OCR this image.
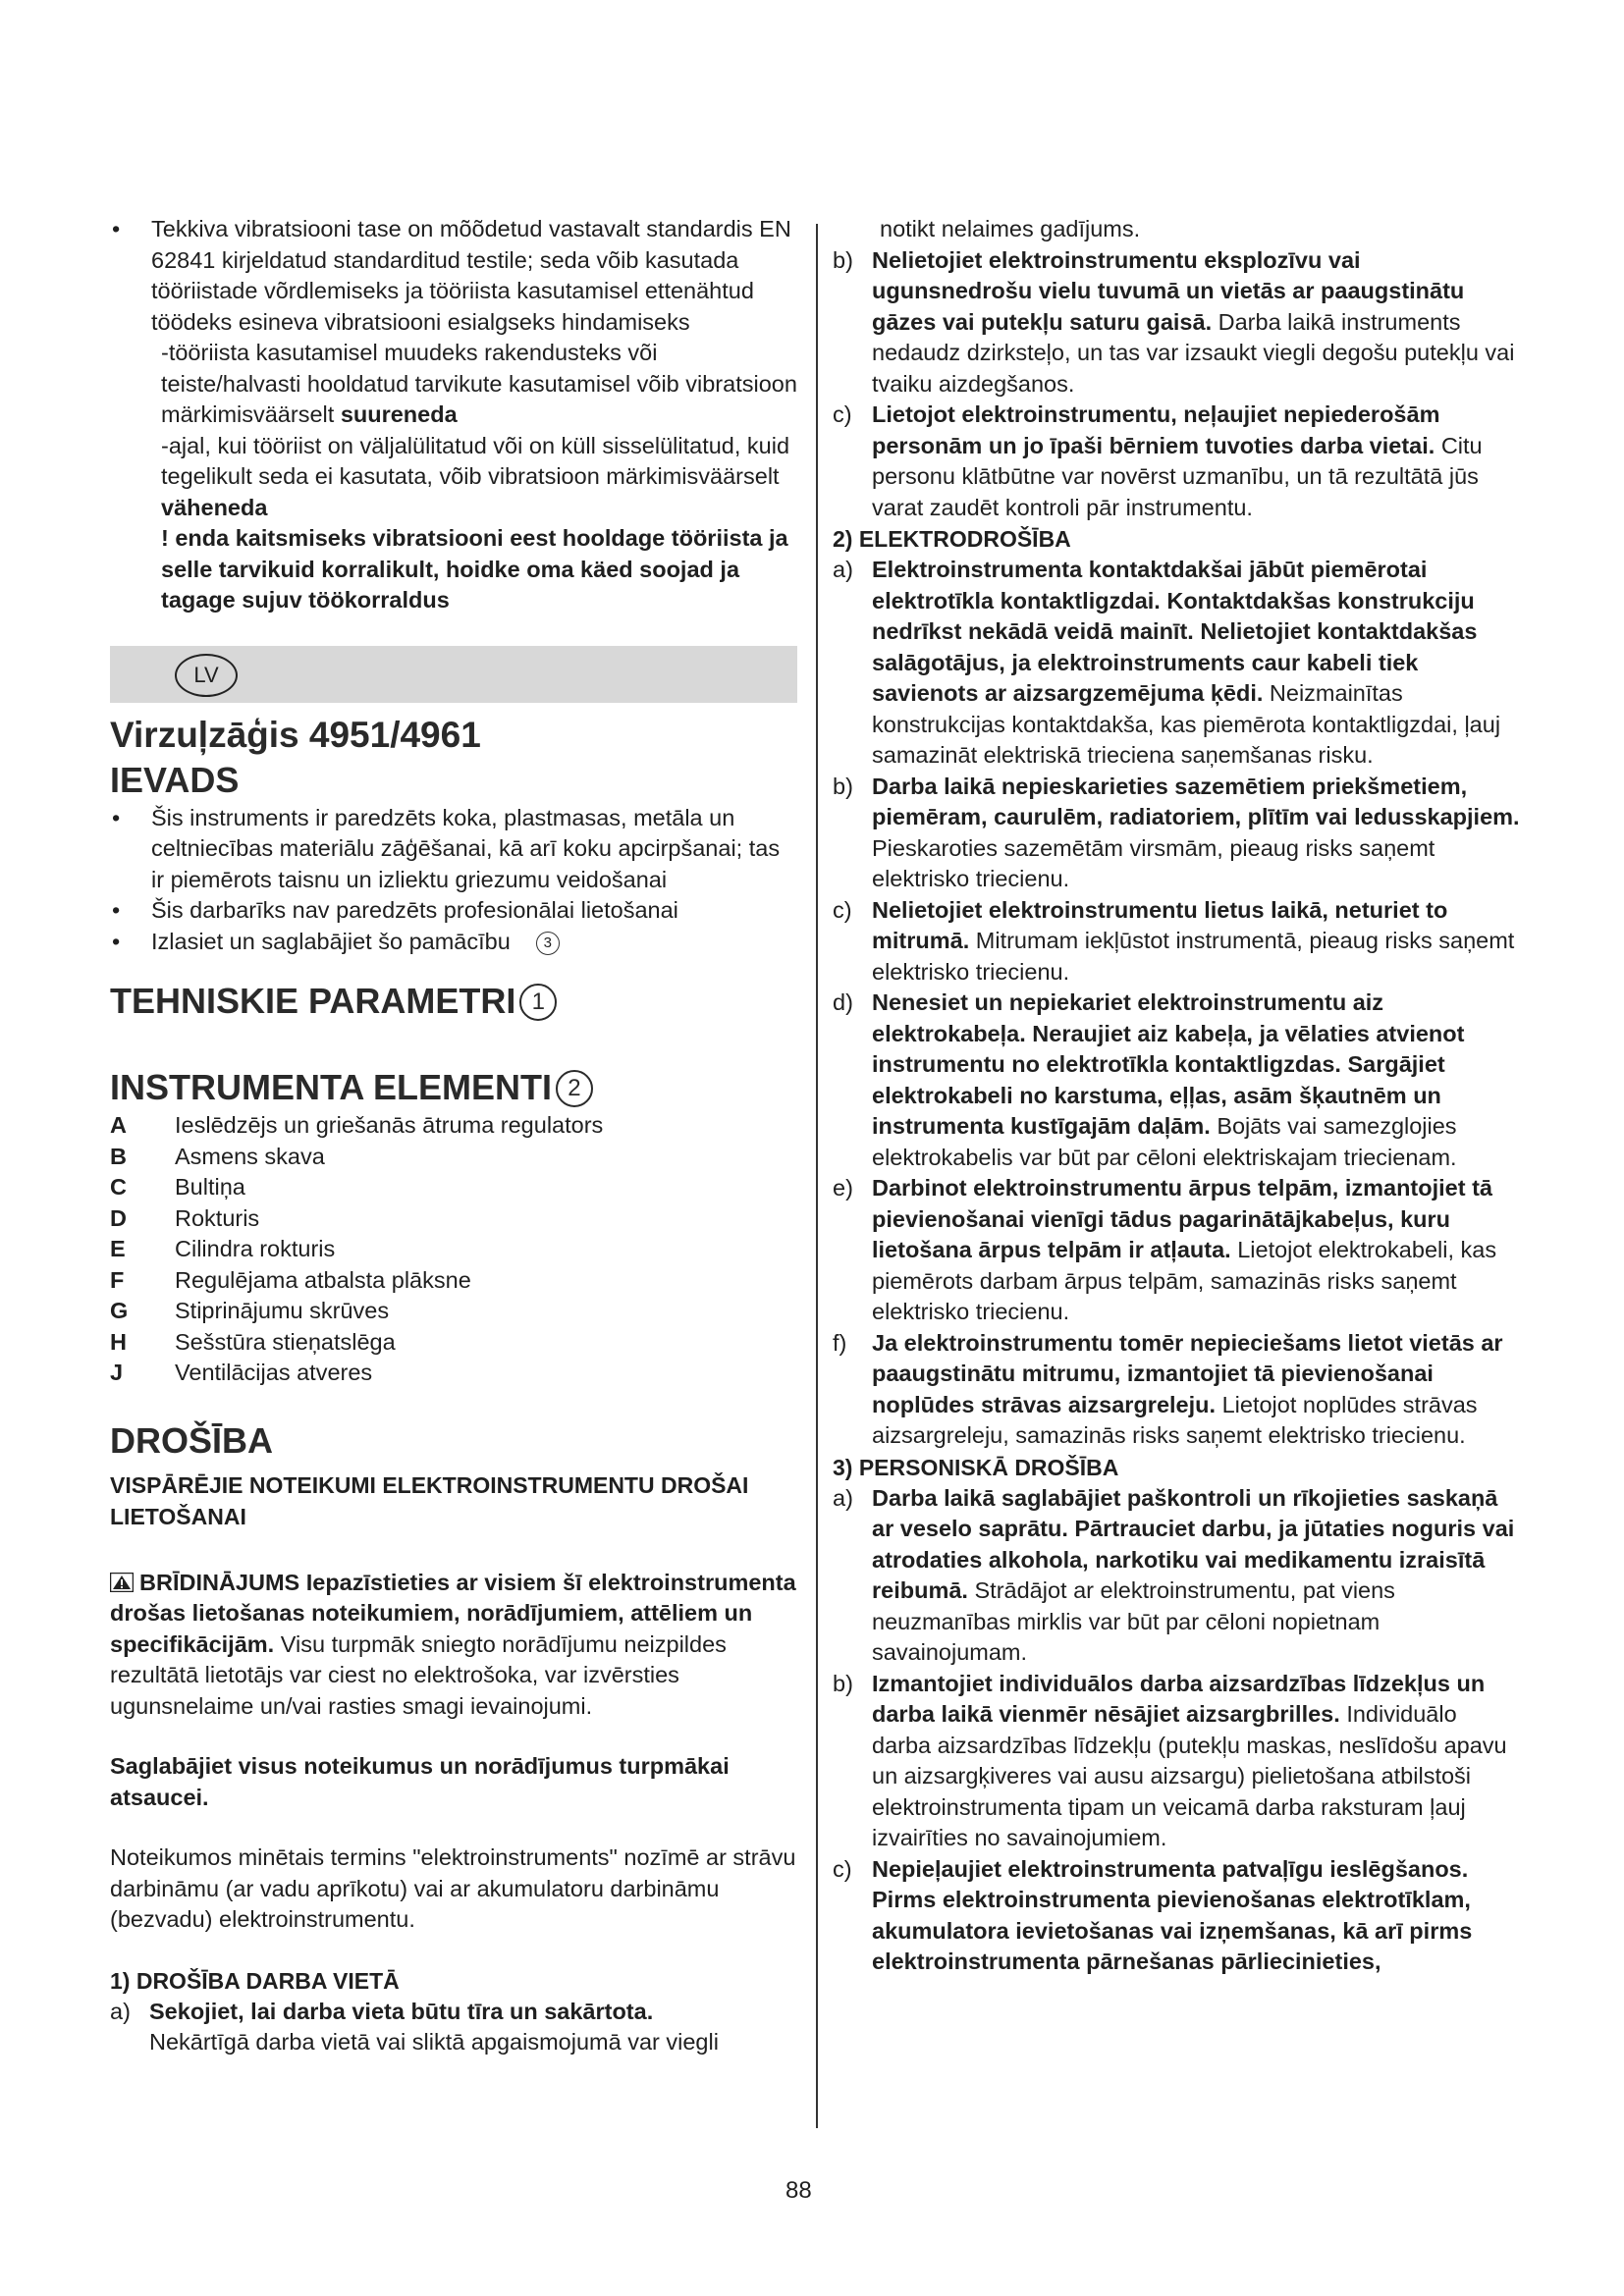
• Tekkiva vibratsiooni tase on mõõdetud vastavalt standardis EN 62841 kirjeldatud standarditud testile; seda võib kasutada tööriistade võrdlemiseks ja tööriista kasutamisel ettenähtud töödeks esineva vibratsiooni esialgseks hindamiseks
-tööriista kasutamisel muudeks rakendusteks või teiste/halvasti hooldatud tarvikute kasutamisel võib vibratsioon märkimisväärselt suureneda
-ajal, kui tööriist on väljalülitatud või on küll sisselülitatud, kuid tegelikult seda ei kasutata, võib vibratsioon märkimisväärselt väheneda
! enda kaitsmiseks vibratsiooni eest hooldage tööriista ja selle tarvikuid korralikult, hoidke oma käed soojad ja tagage sujuv töökorraldus
LV
Virzuļzāģis 4951/4961
IEVADS
• Šis instruments ir paredzēts koka, plastmasas, metāla un celtniecības materiālu zāģēšanai, kā arī koku apcirpšanai; tas ir piemērots taisnu un izliektu griezumu veidošanai
• Šis darbarīks nav paredzēts profesionālai lietošanai
• Izlasiet un saglabājiet šo pamācību 3
TEHNISKIE PARAMETRI 1
INSTRUMENTA ELEMENTI 2
A	Ieslēdzējs un griešanās ātruma regulators
B	Asmens skava
C	Bultiņa
D	Rokturis
E	Cilindra rokturis
F	Regulējama atbalsta plāksne
G	Stiprinājumu skrūves
H	Sešstūra stieņatslēga
J	Ventilācijas atveres
DROŠĪBA
VISPĀRĒJIE NOTEIKUMI ELEKTROINSTRUMENTU DROŠAI LIETOŠANAI
BRĪDINĀJUMS Iepazīstieties ar visiem šī elektroinstrumenta drošas lietošanas noteikumiem, norādījumiem, attēliem un specifikācijām. Visu turpmāk sniegto norādījumu neizpildes rezultātā lietotājs var ciest no elektrošoka, var izvērsties ugunsnelaime un/vai rasties smagi ievainojumi.
Saglabājiet visus noteikumus un norādījumus turpmākai atsaucei.
Noteikumos minētais termins "elektroinstruments" nozīmē ar strāvu darbināmu (ar vadu aprīkotu) vai ar akumulatoru darbināmu (bezvadu) elektroinstrumentu.
1) DROŠĪBA DARBA VIETĀ
a) Sekojiet, lai darba vieta būtu tīra un sakārtota.
Nekārtīgā darba vietā vai sliktā apgaismojumā var viegli
notikt nelaimes gadījums.
b) Nelietojiet elektroinstrumentu eksplozīvu vai ugunsnedrošu vielu tuvumā un vietās ar paaugstinātu gāzes vai putekļu saturu gaisā. Darba laikā instruments nedaudz dzirksteļo, un tas var izsaukt viegli degošu putekļu vai tvaiku aizdegšanos.
c) Lietojot elektroinstrumentu, neļaujiet nepiederošām personām un jo īpaši bērniem tuvoties darba vietai. Citu personu klātbūtne var novērst uzmanību, un tā rezultātā jūs varat zaudēt kontroli pār instrumentu.
2) ELEKTRODROŠĪBA
a) Elektroinstrumenta kontaktdakšai jābūt piemērotai elektrotīkla kontaktligzdai. Kontaktdakšas konstrukciju nedrīkst nekādā veidā mainīt. Nelietojiet kontaktdakšas salāgotājus, ja elektroinstruments caur kabeli tiek savienots ar aizsargzemējuma ķēdi. Neizmainītas konstrukcijas kontaktdakša, kas piemērota kontaktligzdai, ļauj samazināt elektriskā trieciena saņemšanas risku.
b) Darba laikā nepieskarieties sazemētiem priekšmetiem, piemēram, caurulēm, radiatoriem, plītīm vai ledusskapjiem. Pieskaroties sazemētām virsmām, pieaug risks saņemt elektrisko triecienu.
c) Nelietojiet elektroinstrumentu lietus laikā, neturiet to mitrumā. Mitrumam iekļūstot instrumentā, pieaug risks saņemt elektrisko triecienu.
d) Nenesiet un nepiekariet elektroinstrumentu aiz elektrokabeļa. Neraujiet aiz kabeļa, ja vēlaties atvienot instrumentu no elektrotīkla kontaktligzdas. Sargājiet elektrokabeli no karstuma, eļļas, asām šķautnēm un instrumenta kustīgajām daļām. Bojāts vai samezglojies elektrokabelis var būt par cēloni elektriskajam triecienam.
e) Darbinot elektroinstrumentu ārpus telpām, izmantojiet tā pievienošanai vienīgi tādus pagarinātājkabeļus, kuru lietošana ārpus telpām ir atļauta. Lietojot elektrokabeli, kas piemērots darbam ārpus telpām, samazinās risks saņemt elektrisko triecienu.
f) Ja elektroinstrumentu tomēr nepieciešams lietot vietās ar paaugstinātu mitrumu, izmantojiet tā pievienošanai noplūdes strāvas aizsargreleju. Lietojot noplūdes strāvas aizsargreleju, samazinās risks saņemt elektrisko triecienu.
3) PERSONISKĀ DROŠĪBA
a) Darba laikā saglabājiet paškontroli un rīkojieties saskaņā ar veselo saprātu. Pārtrauciet darbu, ja jūtaties noguris vai atrodaties alkohola, narkotiku vai medikamentu izraisītā reibumā. Strādājot ar elektroinstrumentu, pat viens neuzmanības mirklis var būt par cēloni nopietnam savainojumam.
b) Izmantojiet individuālos darba aizsardzības līdzekļus un darba laikā vienmēr nēsājiet aizsargbrilles. Individuālo darba aizsardzības līdzekļu (putekļu maskas, neslīdošu apavu un aizsargķiveres vai ausu aizsargu) pielietošana atbilstoši elektroinstrumenta tipam un veicamā darba raksturam ļauj izvairīties no savainojumiem.
c) Nepieļaujiet elektroinstrumenta patvaļīgu ieslēgšanos. Pirms elektroinstrumenta pievienošanas elektrotīklam, akumulatora ievietošanas vai izņemšanas, kā arī pirms elektroinstrumenta pārnešanas pārliecinieties,
88
